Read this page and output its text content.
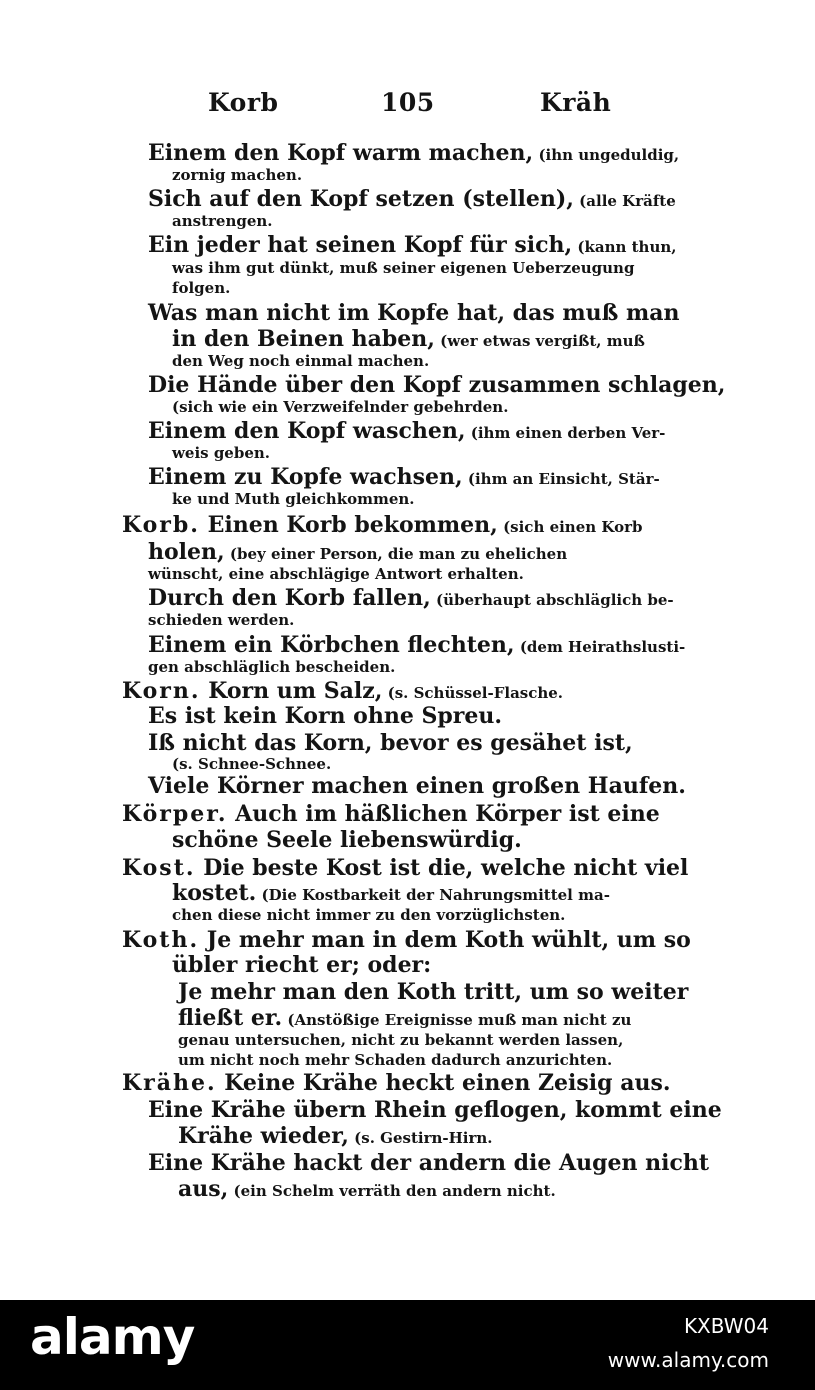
Korb	105	Kräh
Einem den Kopf warm machen, (ihn ungeduldig,
zornig machen.
Sich auf den Kopf setzen (stellen), (alle Kräfte
anstrengen.
Ein jeder hat seinen Kopf für sich, (kann thun,
was ihm gut dünkt, muß seiner eigenen Ueberzeugung
folgen.
Was man nicht im Kopfe hat, das muß man
in den Beinen haben, (wer etwas vergißt, muß
den Weg noch einmal machen.
Die Hände über den Kopf zusammen schlagen,
(sich wie ein Verzweifelnder gebehrden.
Einem den Kopf waschen, (ihm einen derben Ver-
weis geben.
Einem zu Kopfe wachsen, (ihm an Einsicht, Stär-
ke und Muth gleichkommen.
Korb. Einen Korb bekommen, (sich einen Korb
holen, (bey einer Person, die man zu ehelichen
wünscht, eine abschlägige Antwort erhalten.
Durch den Korb fallen, (überhaupt abschläglich be-
schieden werden.
Einem ein Körbchen flechten, (dem Heirathslusti-
gen abschläglich bescheiden.
Korn. Korn um Salz, (s. Schüssel-Flasche.
Es ist kein Korn ohne Spreu.
Iß nicht das Korn, bevor es gesähet ist,
(s. Schnee-Schnee.
Viele Körner machen einen großen Haufen.
Körper. Auch im häßlichen Körper ist eine
schöne Seele liebenswürdig.
Kost. Die beste Kost ist die, welche nicht viel
kostet. (Die Kostbarkeit der Nahrungsmittel ma-
chen diese nicht immer zu den vorzüglichsten.
Koth. Je mehr man in dem Koth wühlt, um so
übler riecht er; oder:
Je mehr man den Koth tritt, um so weiter
fließt er. (Anstößige Ereignisse muß man nicht zu
genau untersuchen, nicht zu bekannt werden lassen,
um nicht noch mehr Schaden dadurch anzurichten.
Krähe. Keine Krähe heckt einen Zeisig aus.
Eine Krähe übern Rhein geflogen, kommt eine
Krähe wieder, (s. Gestirn-Hirn.
Eine Krähe hackt der andern die Augen nicht
aus, (ein Schelm verräth den andern nicht.
alamy	KXBW04
www.alamy.com
